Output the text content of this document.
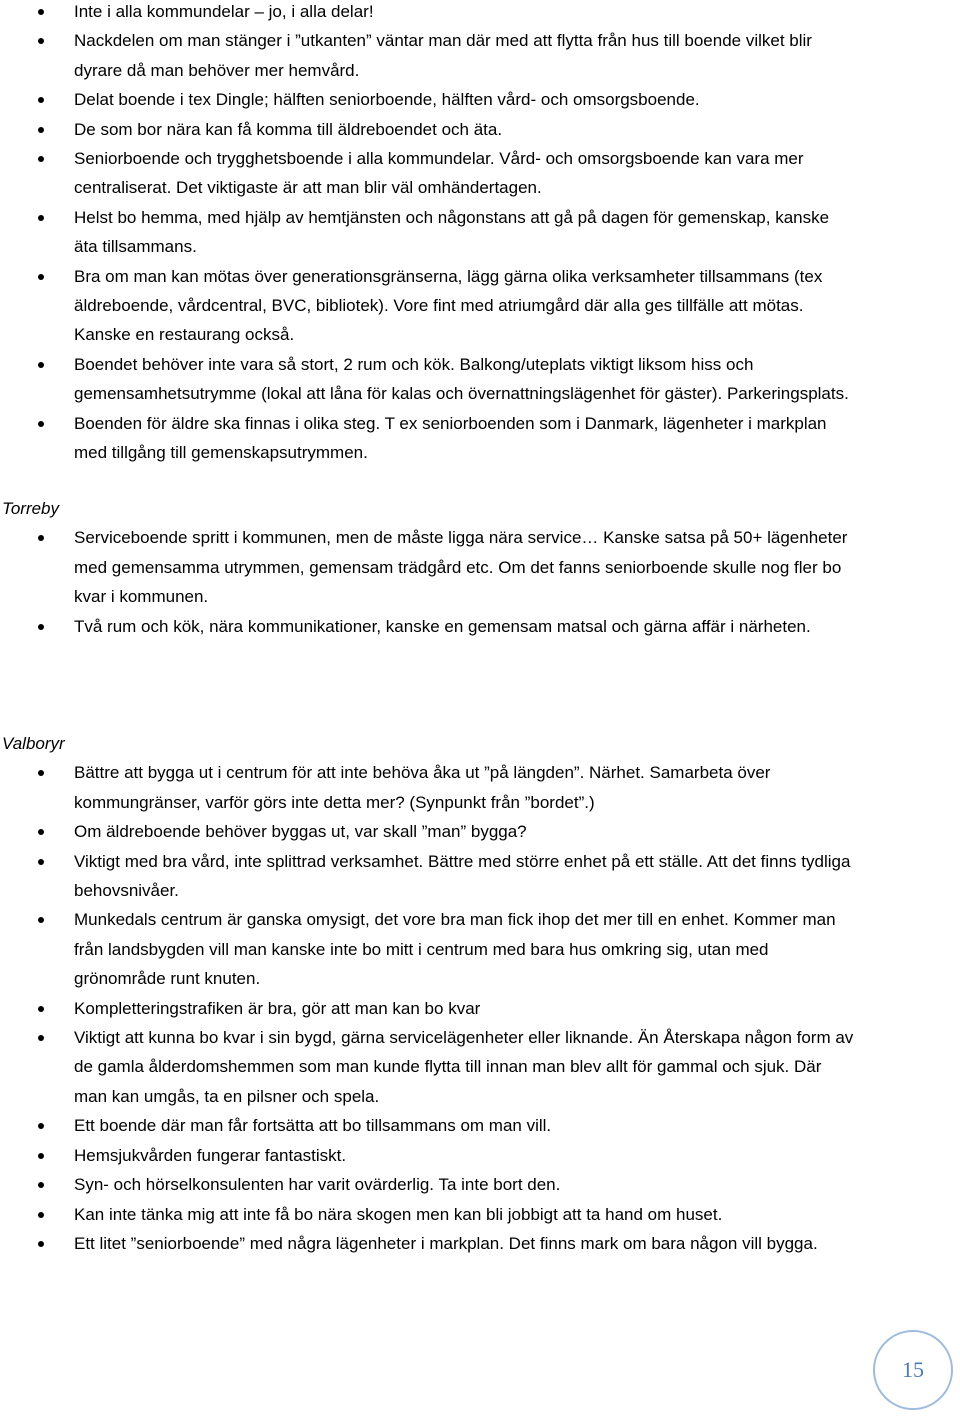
Inte i alla kommundelar – jo, i alla delar!
Nackdelen om man stänger i ”utkanten” väntar man där med att flytta från hus till boende vilket blir dyrare då man behöver mer hemvård.
Delat boende i tex Dingle; hälften seniorboende, hälften vård- och omsorgsboende.
De som bor nära kan få komma till äldreboendet och äta.
Seniorboende och trygghetsboende i alla kommundelar. Vård- och omsorgsboende kan vara mer centraliserat. Det viktigaste är att man blir väl omhändertagen.
Helst bo hemma, med hjälp av hemtjänsten och någonstans att gå på dagen för gemenskap, kanske äta tillsammans.
Bra om man kan mötas över generationsgränserna, lägg gärna olika verksamheter tillsammans (tex äldreboende, vårdcentral, BVC, bibliotek). Vore fint med atriumgård där alla ges tillfälle att mötas. Kanske en restaurang också.
Boendet behöver inte vara så stort, 2 rum och kök. Balkong/uteplats viktigt liksom hiss och gemensamhetsutrymme (lokal att låna för kalas och övernattningslägenhet för gäster). Parkeringsplats.
Boenden för äldre ska finnas i olika steg. T ex seniorboenden som i Danmark, lägenheter i markplan med tillgång till gemenskapsutrymmen.

Torreby

Serviceboende spritt i kommunen, men de måste ligga nära service… Kanske satsa på 50+ lägenheter med gemensamma utrymmen, gemensam trädgård etc. Om det fanns seniorboende skulle nog fler bo kvar i kommunen.
Två rum och kök, nära kommunikationer, kanske en gemensam matsal och gärna affär i närheten.

Valboryr

Bättre att bygga ut i centrum för att inte behöva åka ut ”på längden”. Närhet. Samarbeta över kommungränser, varför görs inte detta mer? (Synpunkt från ”bordet”.)
Om äldreboende behöver byggas ut, var skall ”man” bygga?
Viktigt med bra vård, inte splittrad verksamhet. Bättre med större enhet på ett ställe. Att det finns tydliga behovsnivåer.
Munkedals centrum är ganska omysigt, det vore bra man fick ihop det mer till en enhet. Kommer man från landsbygden vill man kanske inte bo mitt i centrum med bara hus omkring sig, utan med grönområde runt knuten.
Kompletteringstrafiken är bra, gör att man kan bo kvar
Viktigt att kunna bo kvar i sin bygd, gärna servicelägenheter eller liknande. Än Återskapa någon form av de gamla ålderdomshemmen som man kunde flytta till innan man blev allt för gammal och sjuk. Där man kan umgås, ta en pilsner och spela.
Ett boende där man får fortsätta att bo tillsammans om man vill.
Hemsjukvården fungerar fantastiskt.
Syn- och hörselkonsulenten har varit ovärderlig. Ta inte bort den.
Kan inte tänka mig att inte få bo nära skogen men kan bli jobbigt att ta hand om huset.
Ett litet ”seniorboende” med några lägenheter i markplan. Det finns mark om bara någon vill bygga.
15
